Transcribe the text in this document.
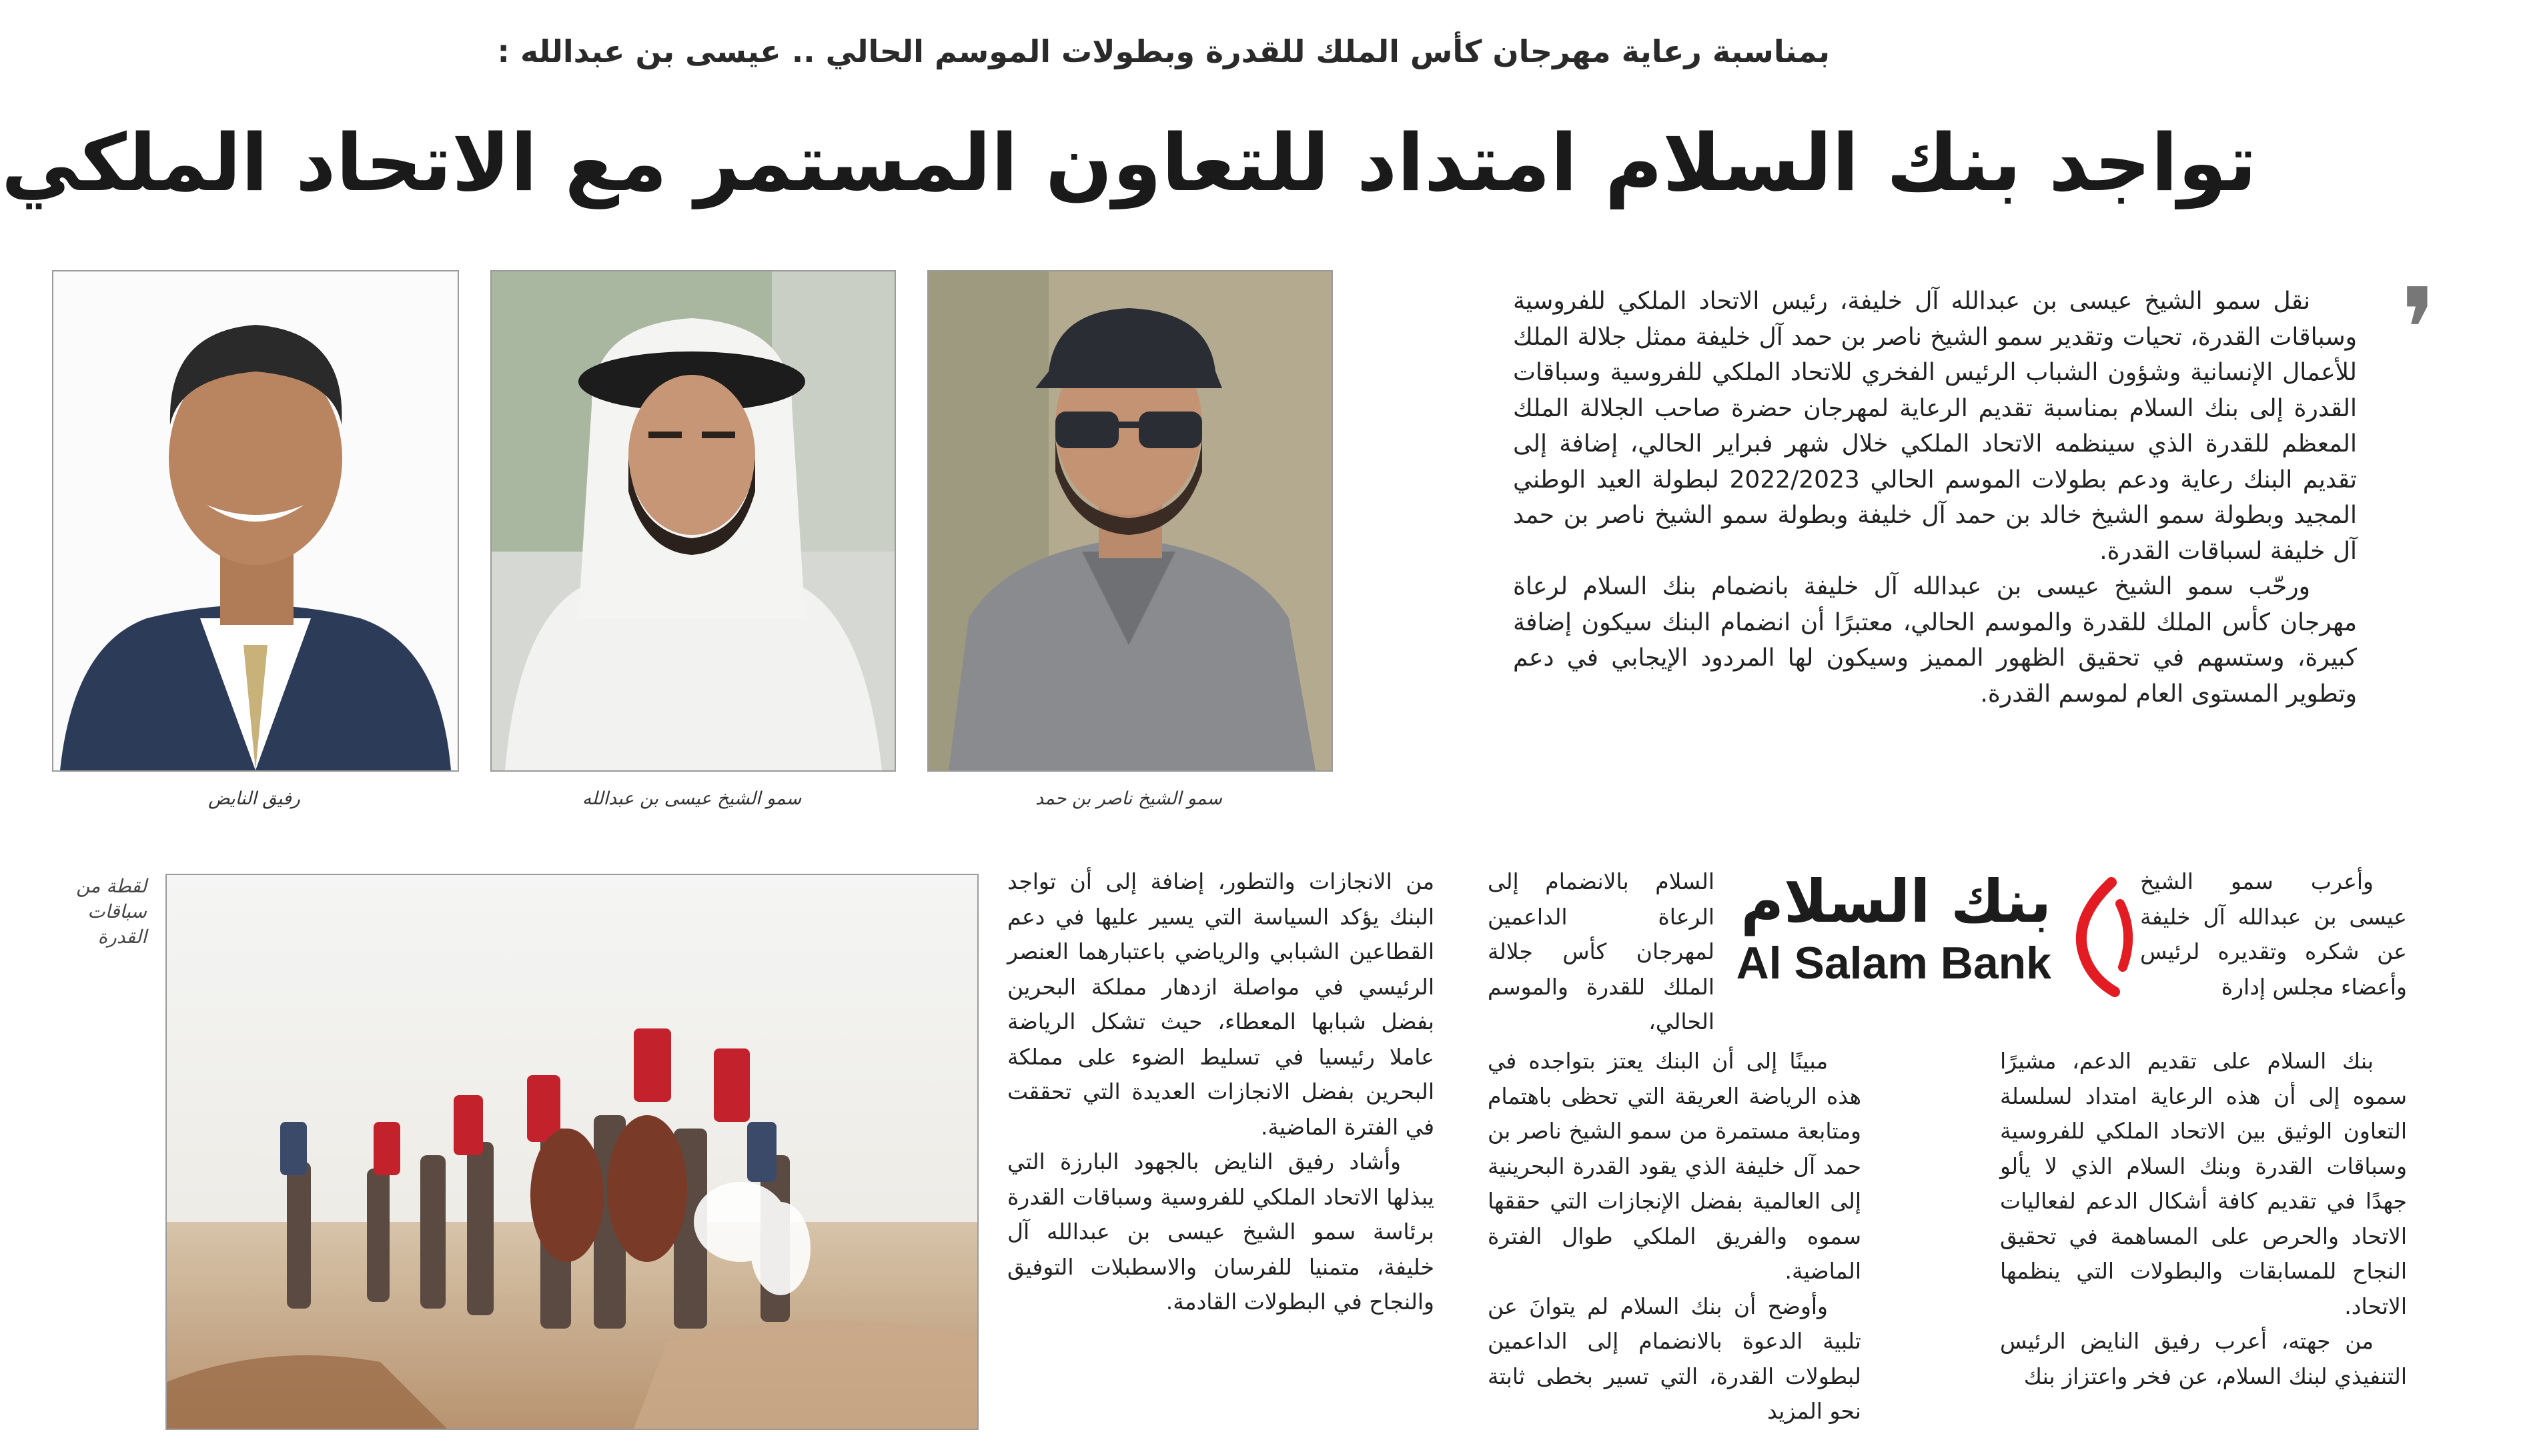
بمناسبة رعاية مهرجان كأس الملك للقدرة وبطولات الموسم الحالي .. عيسى بن عبدالله :
تواجد بنك السلام امتداد للتعاون المستمر مع الاتحاد الملكي
سمو الشيخ ناصر بن حمد
سمو الشيخ عيسى بن عبدالله
رفيق النايض
❜

نقل سمو الشيخ عيسى بن عبدالله آل خليفة، رئيس الاتحاد الملكي للفروسية وسباقات القدرة، تحيات وتقدير سمو الشيخ ناصر بن حمد آل خليفة ممثل جلالة الملك للأعمال الإنسانية وشؤون الشباب الرئيس الفخري للاتحاد الملكي للفروسية وسباقات القدرة إلى بنك السلام بمناسبة تقديم الرعاية لمهرجان حضرة صاحب الجلالة الملك المعظم للقدرة الذي سينظمه الاتحاد الملكي خلال شهر فبراير الحالي، إضافة إلى تقديم البنك رعاية ودعم بطولات الموسم الحالي 2022/2023 لبطولة العيد الوطني المجيد وبطولة سمو الشيخ خالد بن حمد آل خليفة وبطولة سمو الشيخ ناصر بن حمد آل خليفة لسباقات القدرة.

ورحّب سمو الشيخ عيسى بن عبدالله آل خليفة بانضمام بنك السلام لرعاة مهرجان كأس الملك للقدرة والموسم الحالي، معتبرًا أن انضمام البنك سيكون إضافة كبيرة، وستسهم في تحقيق الظهور المميز وسيكون لها المردود الإيجابي في دعم وتطوير المستوى العام لموسم القدرة.

وأعرب سمو الشيخ عيسى بن عبدالله آل خليفة عن شكره وتقديره لرئيس وأعضاء مجلس إدارة

بنك السلام على تقديم الدعم، مشيرًا سموه إلى أن هذه الرعاية امتداد لسلسلة التعاون الوثيق بين الاتحاد الملكي للفروسية وسباقات القدرة وبنك السلام الذي لا يألو جهدًا في تقديم كافة أشكال الدعم لفعاليات الاتحاد والحرص على المساهمة في تحقيق النجاح للمسابقات والبطولات التي ينظمها الاتحاد.

من جهته، أعرب رفيق النايض الرئيس التنفيذي لبنك السلام، عن فخر واعتزاز بنك

بنك السلام
Al Salam Bank

السلام بالانضمام إلى الرعاة الداعمين لمهرجان كأس جلالة الملك للقدرة والموسم الحالي،

مبينًا إلى أن البنك يعتز بتواجده في هذه الرياضة العريقة التي تحظى باهتمام ومتابعة مستمرة من سمو الشيخ ناصر بن حمد آل خليفة الذي يقود القدرة البحرينية إلى العالمية بفضل الإنجازات التي حققها سموه والفريق الملكي طوال الفترة الماضية.

وأوضح أن بنك السلام لم يتوانَ عن تلبية الدعوة بالانضمام إلى الداعمين لبطولات القدرة، التي تسير بخطى ثابتة نحو المزيد

من الانجازات والتطور، إضافة إلى أن تواجد البنك يؤكد السياسة التي يسير عليها في دعم القطاعين الشبابي والرياضي باعتبارهما العنصر الرئيسي في مواصلة ازدهار مملكة البحرين بفضل شبابها المعطاء، حيث تشكل الرياضة عاملا رئيسيا في تسليط الضوء على مملكة البحرين بفضل الانجازات العديدة التي تحققت في الفترة الماضية.

وأشاد رفيق النايض بالجهود البارزة التي يبذلها الاتحاد الملكي للفروسية وسباقات القدرة برئاسة سمو الشيخ عيسى بن عبدالله آل خليفة، متمنيا للفرسان والاسطبلات التوفيق والنجاح في البطولات القادمة.

لقطة من سباقات القدرة
